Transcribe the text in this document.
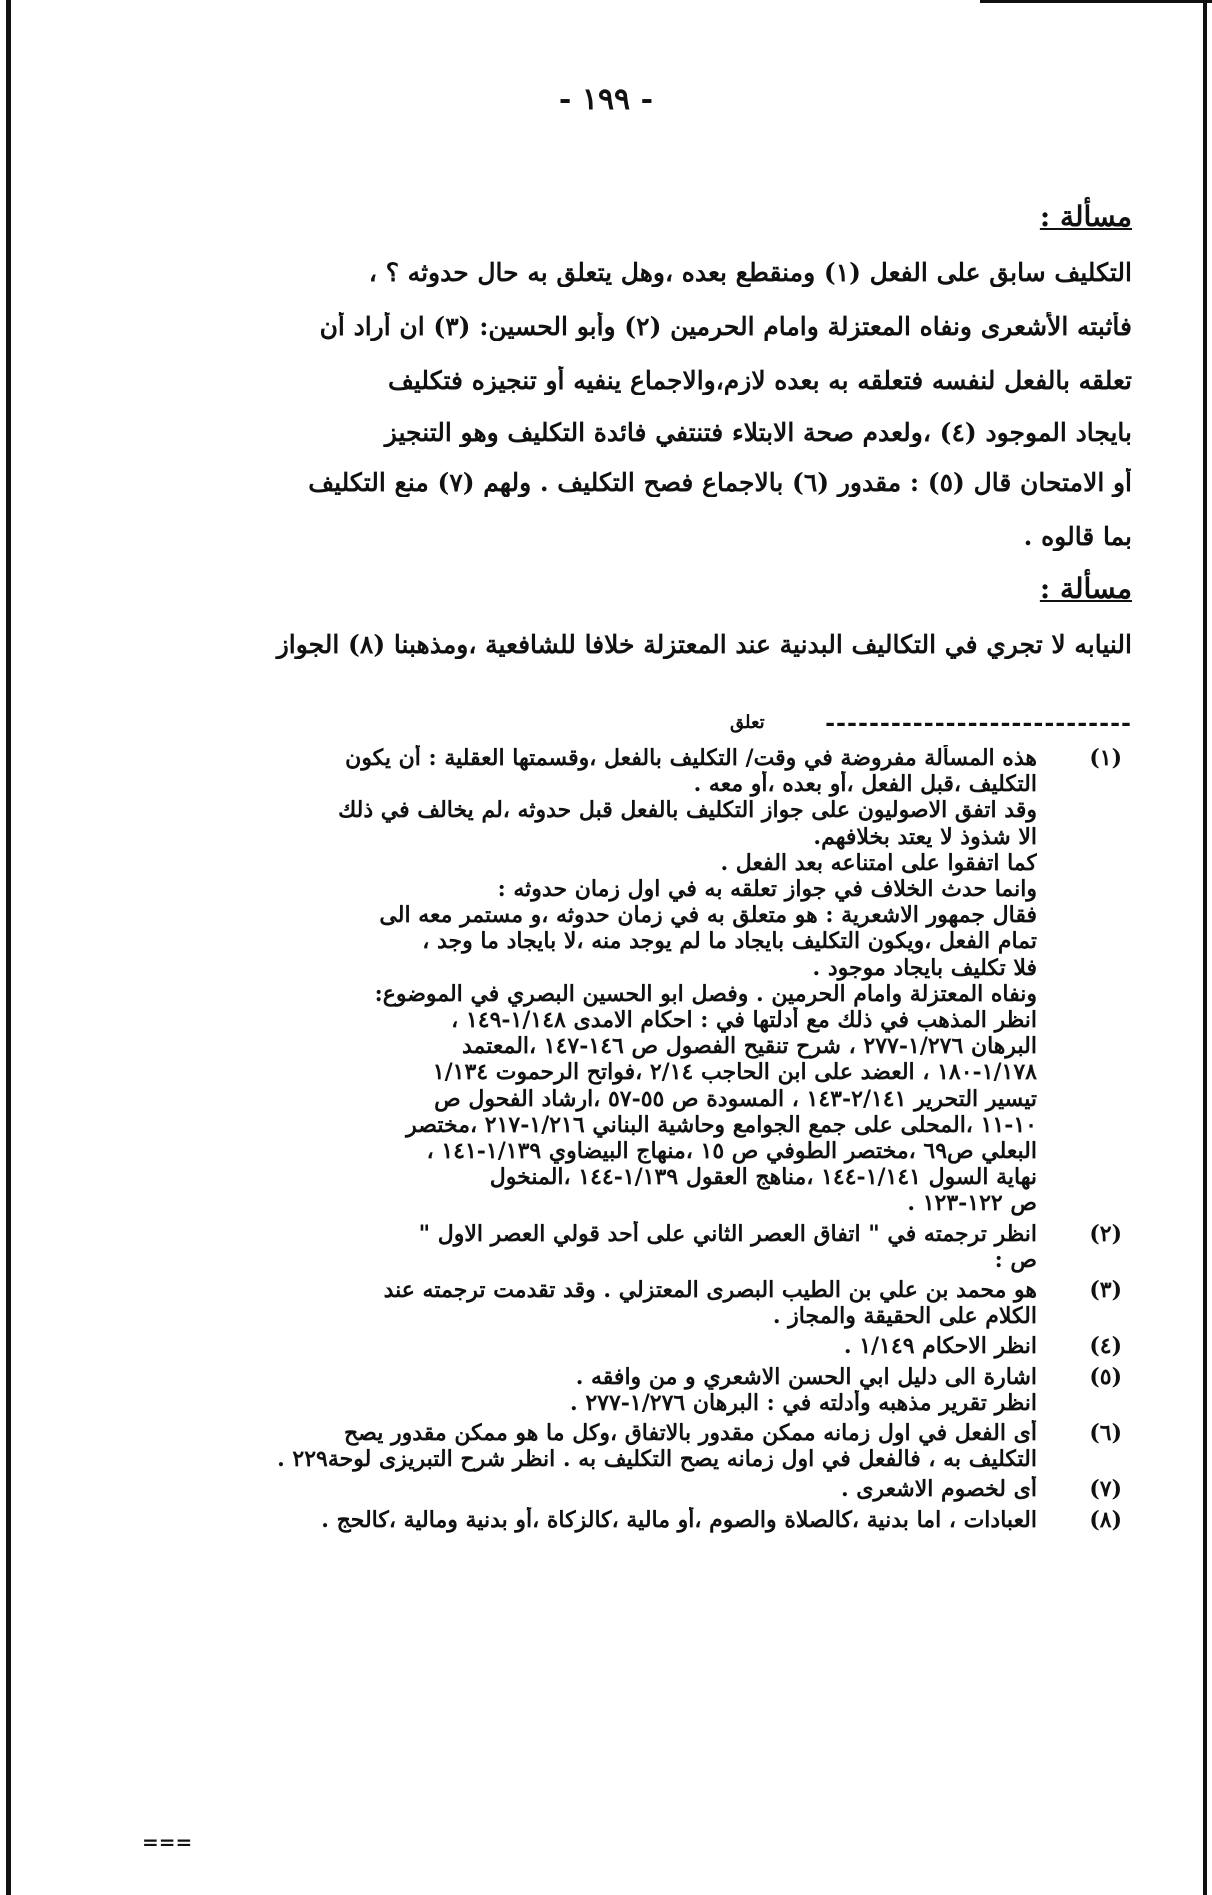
- ١٩٩ -
مسألة :
التكليف سابق على الفعل (١) ومنقطع بعده ،وهل يتعلق به حال حدوثه ؟ ،
فأثبته الأشعرى ونفاه المعتزلة وامام الحرمين (٢) وأبو الحسين: (٣) ان أراد أن
تعلقه بالفعل لنفسه فتعلقه به بعده لازم،والاجماع ينفيه أو تنجيزه فتكليف
بايجاد الموجود (٤) ،ولعدم صحة الابتلاء فتنتفي فائدة التكليف وهو التنجيز
أو الامتحان قال (٥) : مقدور (٦) بالاجماع فصح التكليف . ولهم (٧) منع التكليف
بما قالوه .
مسألة :
النيابه لا تجري في التكاليف البدنية عند المعتزلة خلافا للشافعية ،ومذهبنا (٨) الجواز
----------------------------
تعلق
(١)
هذه المسألة مفروضة في وقت/ التكليف بالفعل ،وقسمتها العقلية : أن يكون
التكليف ،قبل الفعل ،أو بعده ،أو معه .
وقد اتفق الاصوليون على جواز التكليف بالفعل قبل حدوثه ،لم يخالف في ذلك
الا شذوذ لا يعتد بخلافهم.
كما اتفقوا على امتناعه بعد الفعل .
وانما حدث الخلاف في جواز تعلقه به في اول زمان حدوثه :
فقال جمهور الاشعرية : هو متعلق به في زمان حدوثه ،و مستمر معه الى
تمام الفعل ،ويكون التكليف بايجاد ما لم يوجد منه ،لا بايجاد ما وجد ،
فلا تكليف بايجاد موجود .
ونفاه المعتزلة وامام الحرمين . وفصل ابو الحسين البصري في الموضوع:
انظر المذهب في ذلك مع أدلتها في : احكام الامدى ١/١٤٨-١٤٩ ،
البرهان ١/٢٧٦-٢٧٧ ، شرح تنقيح الفصول ص ١٤٦-١٤٧ ،المعتمد
١/١٧٨-١٨٠ ، العضد على ابن الحاجب ٢/١٤ ،فواتح الرحموت ١/١٣٤
تيسير التحرير ٢/١٤١-١٤٣ ، المسودة ص ٥٥-٥٧ ،ارشاد الفحول ص
١٠-١١ ،المحلى على جمع الجوامع وحاشية البناني ١/٢١٦-٢١٧ ،مختصر
البعلي ص٦٩ ،مختصر الطوفي ص ١٥ ،منهاج البيضاوي ١/١٣٩-١٤١ ،
نهاية السول ١/١٤١-١٤٤ ،مناهج العقول ١/١٣٩-١٤٤ ،المنخول
ص ١٢٢-١٢٣ .
(٢)
انظر ترجمته في " اتفاق العصر الثاني على أحد قولي العصر الاول "
ص :
(٣)
هو محمد بن علي بن الطيب البصرى المعتزلي . وقد تقدمت ترجمته عند
الكلام على الحقيقة والمجاز .
(٤)
انظر الاحكام ١/١٤٩ .
(٥)
اشارة الى دليل ابي الحسن الاشعري و من وافقه .
انظر تقرير مذهبه وأدلته في : البرهان ١/٢٧٦-٢٧٧ .
(٦)
أى الفعل في اول زمانه ممكن مقدور بالاتفاق ،وكل ما هو ممكن مقدور يصح
التكليف به ، فالفعل في اول زمانه يصح التكليف به . انظر شرح التبريزى لوحة٢٢٩ .
(٧)
أى لخصوم الاشعرى .
(٨)
العبادات ، اما بدنية ،كالصلاة والصوم ،أو مالية ،كالزكاة ،أو بدنية ومالية ،كالحج .
===
